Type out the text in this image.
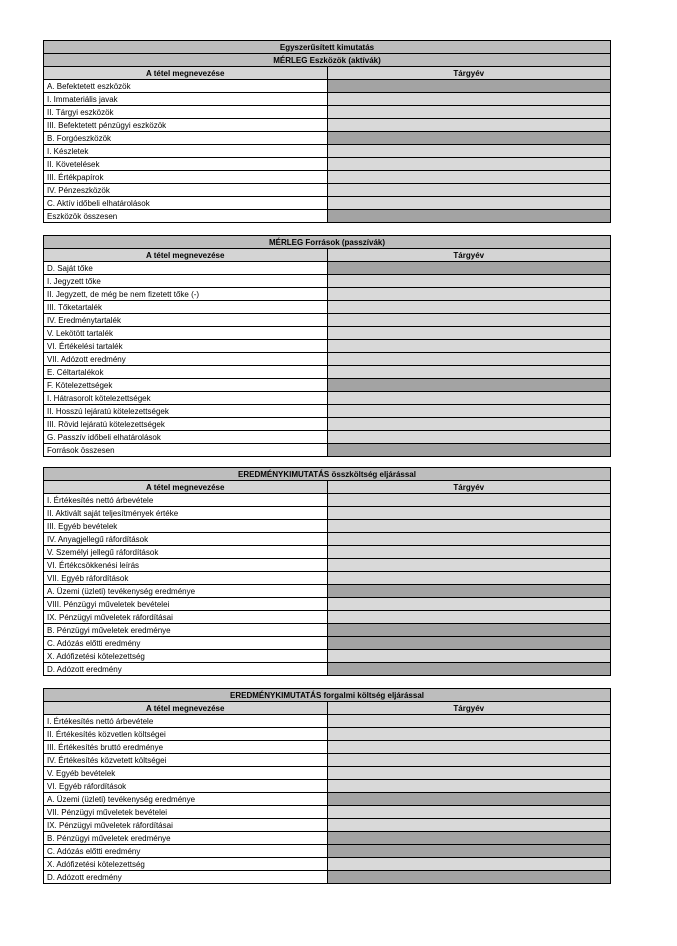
Egyszerűsített kimutatás	
MÉRLEG Eszközök (aktívák)	
A tétel megnevezése	Tárgyév
A. Befektetett eszközök	
I. Immateriális javak	
II. Tárgyi eszközök	
III. Befektetett pénzügyi eszközök	
B. Forgóeszközök	
I. Készletek	
II. Követelések	
III. Értékpapírok	
IV. Pénzeszközök	
C. Aktív időbeli elhatárolások	
Eszközök összesen	
MÉRLEG Források (passzívák)	
A tétel megnevezése	Tárgyév
D. Saját tőke	
I. Jegyzett tőke	
II. Jegyzett, de még be nem fizetett tőke (-)	
III. Tőketartalék	
IV. Eredménytartalék	
V. Lekötött tartalék	
VI. Értékelési tartalék	
VII. Adózott eredmény	
E. Céltartalékok	
F. Kötelezettségek	
I. Hátrasorolt kötelezettségek	
II. Hosszú lejáratú kötelezettségek	
III. Rövid lejáratú kötelezettségek	
G. Passzív időbeli elhatárolások	
Források összesen	
EREDMÉNYKIMUTATÁS összköltség eljárással	
A tétel megnevezése	Tárgyév
I. Értékesítés nettó árbevétele	
II. Aktivált saját teljesítmények értéke	
III. Egyéb bevételek	
IV. Anyagjellegű ráfordítások	
V. Személyi jellegű ráfordítások	
VI. Értékcsökkenési leírás	
VII. Egyéb ráfordítások	
A. Üzemi (üzleti) tevékenység eredménye	
VIII. Pénzügyi műveletek bevételei	
IX. Pénzügyi műveletek ráfordításai	
B. Pénzügyi műveletek eredménye	
C. Adózás előtti eredmény	
X. Adófizetési kötelezettség	
D. Adózott eredmény	
EREDMÉNYKIMUTATÁS forgalmi költség eljárással	
A tétel megnevezése	Tárgyév
I. Értékesítés nettó árbevétele	
II. Értékesítés közvetlen költségei	
III. Értékesítés bruttó eredménye	
IV. Értékesítés közvetett költségei	
V. Egyéb bevételek	
VI. Egyéb ráfordítások	
A. Üzemi (üzleti) tevékenység eredménye	
VII. Pénzügyi műveletek bevételei	
IX. Pénzügyi műveletek ráfordításai	
B. Pénzügyi műveletek eredménye	
C. Adózás előtti eredmény	
X. Adófizetési kötelezettség	
D. Adózott eredmény	
